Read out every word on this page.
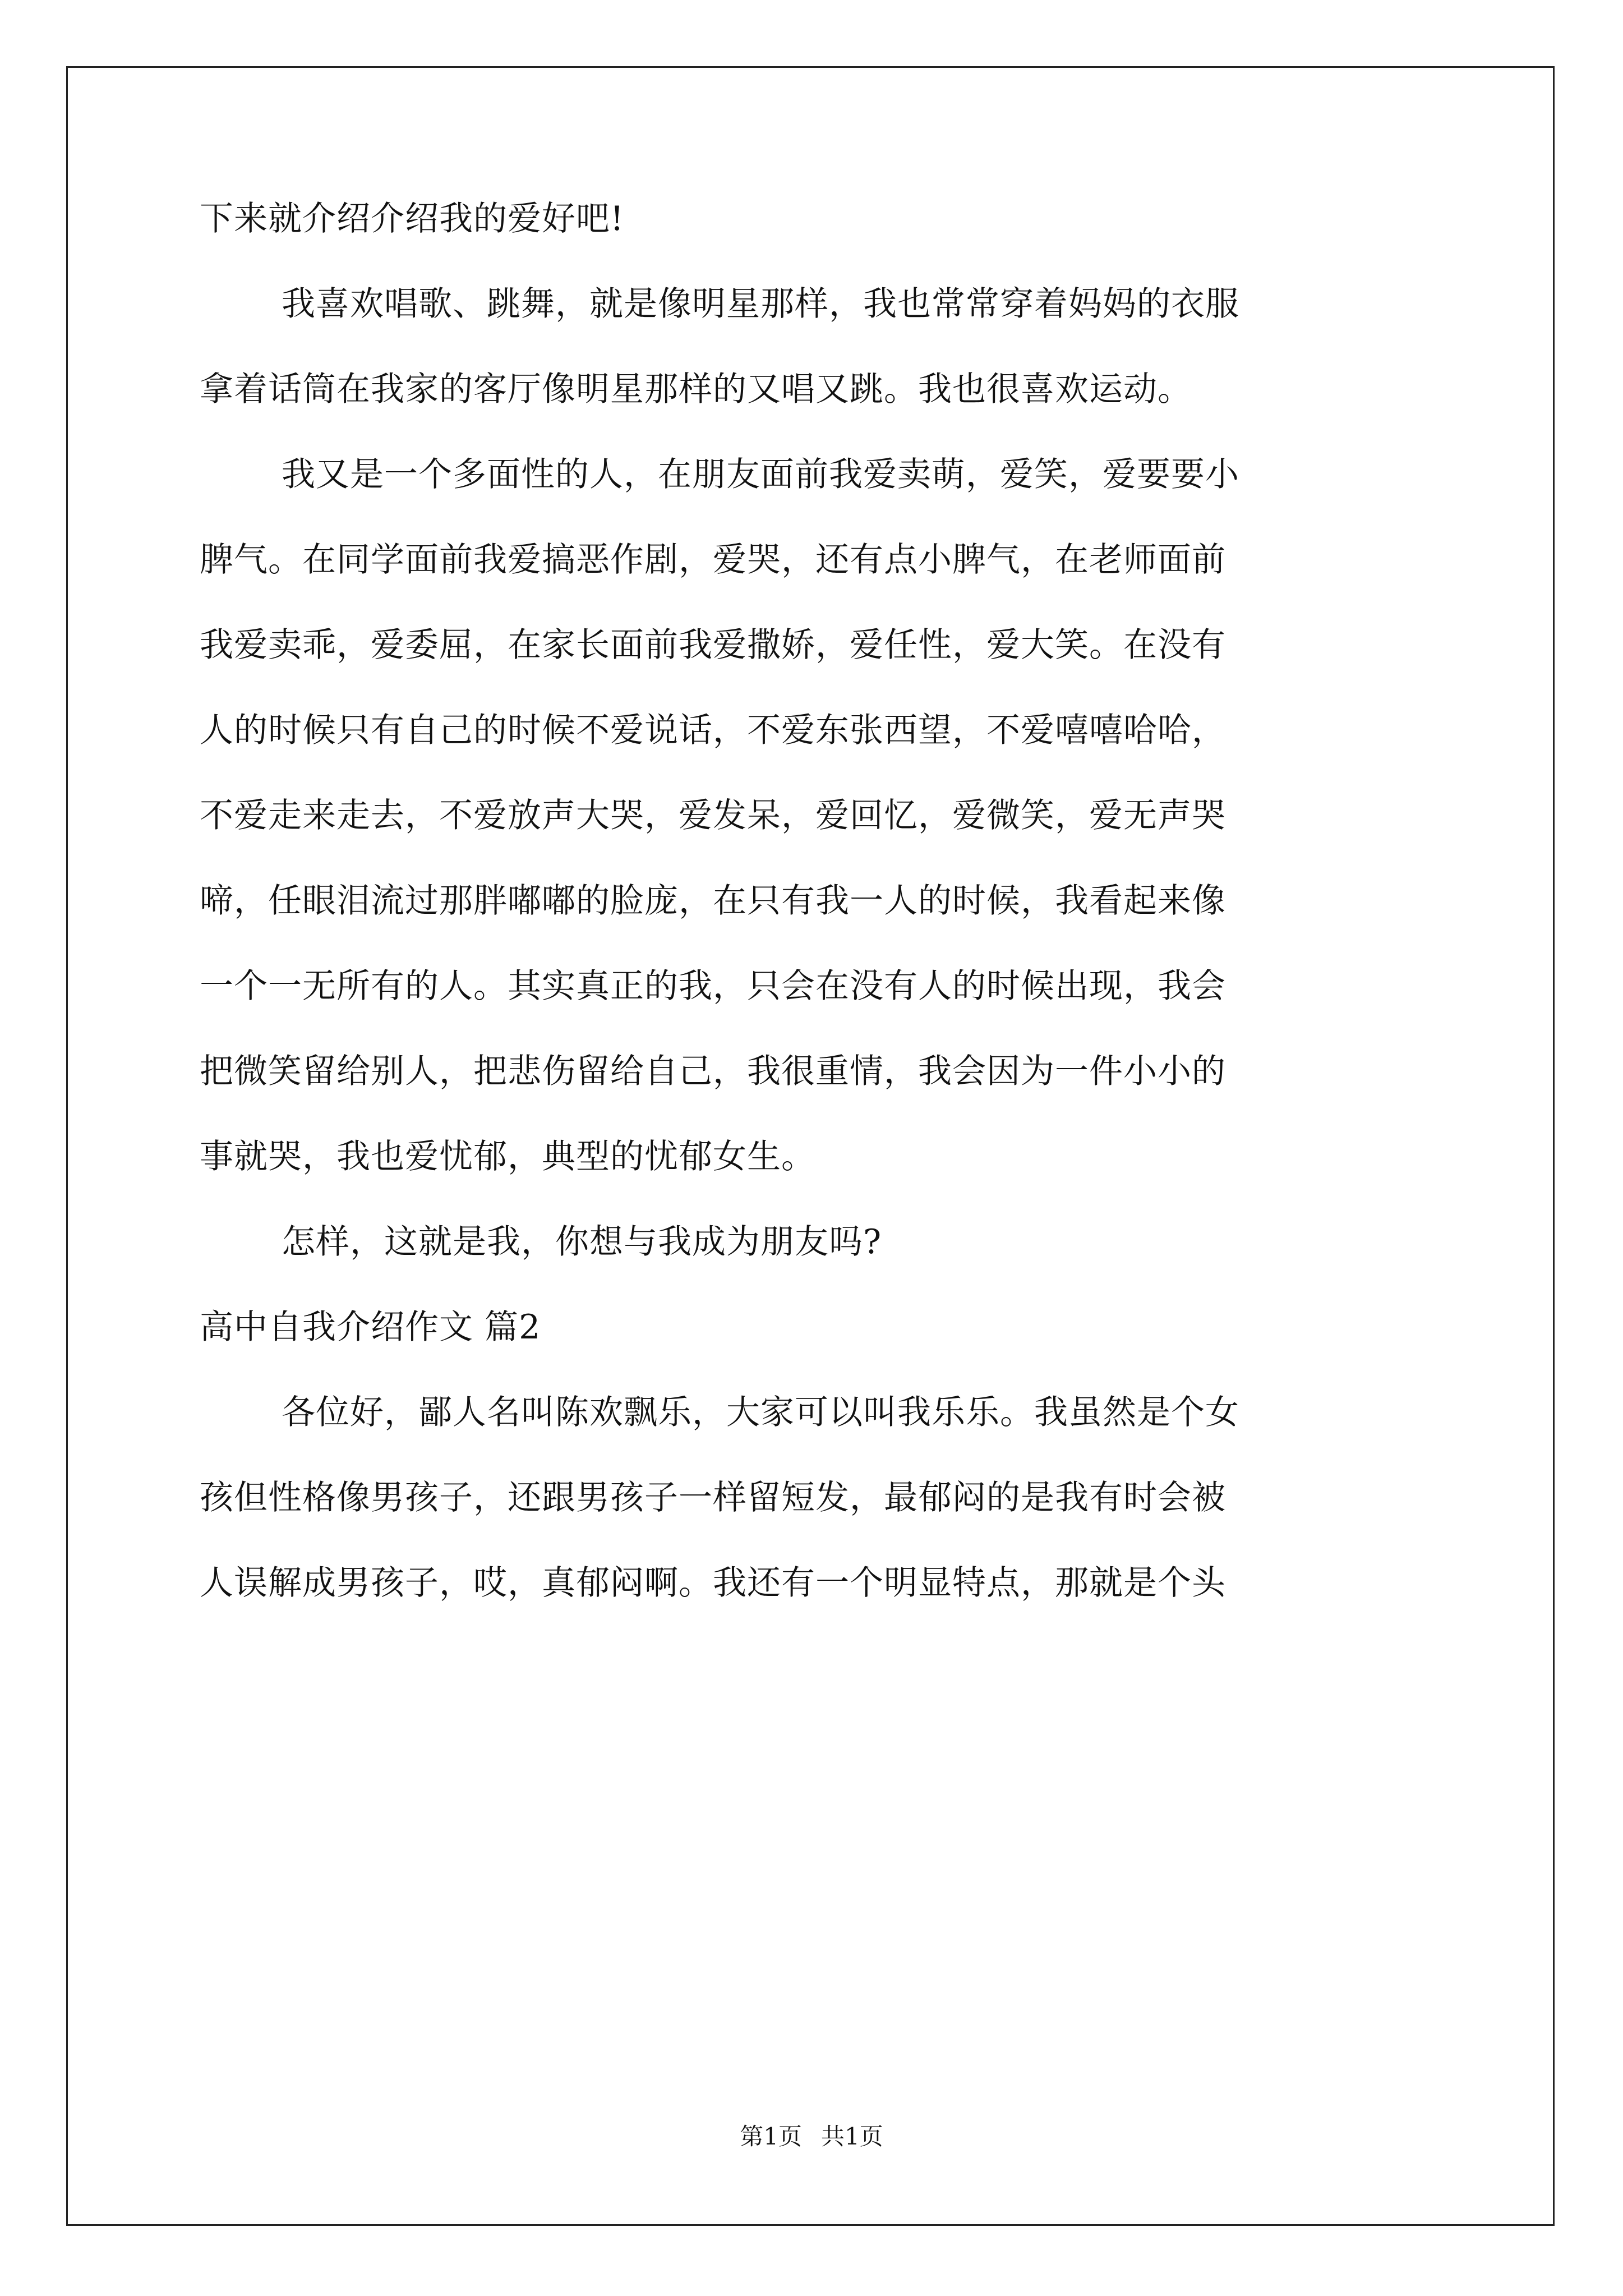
下来就介绍介绍我的爱好吧!
我喜欢唱歌、跳舞，就是像明星那样，我也常常穿着妈妈的衣服
拿着话筒在我家的客厅像明星那样的又唱又跳。我也很喜欢运动。
我又是一个多面性的人，在朋友面前我爱卖萌，爱笑，爱要要小
脾气。在同学面前我爱搞恶作剧，爱哭，还有点小脾气，在老师面前
我爱卖乖，爱委屈，在家长面前我爱撒娇，爱任性，爱大笑。在没有
人的时候只有自己的时候不爱说话，不爱东张西望，不爱嘻嘻哈哈，
不爱走来走去，不爱放声大哭，爱发呆，爱回忆，爱微笑，爱无声哭
啼，任眼泪流过那胖嘟嘟的脸庞，在只有我一人的时候，我看起来像
一个一无所有的人。其实真正的我，只会在没有人的时候出现，我会
把微笑留给别人，把悲伤留给自己，我很重情，我会因为一件小小的
事就哭，我也爱忧郁，典型的忧郁女生。
怎样，这就是我，你想与我成为朋友吗?
高中自我介绍作文 篇2
各位好，鄙人名叫陈欢飘乐，大家可以叫我乐乐。我虽然是个女
孩但性格像男孩子，还跟男孩子一样留短发，最郁闷的是我有时会被
人误解成男孩子，哎，真郁闷啊。我还有一个明显特点，那就是个头
第1页 共1页
